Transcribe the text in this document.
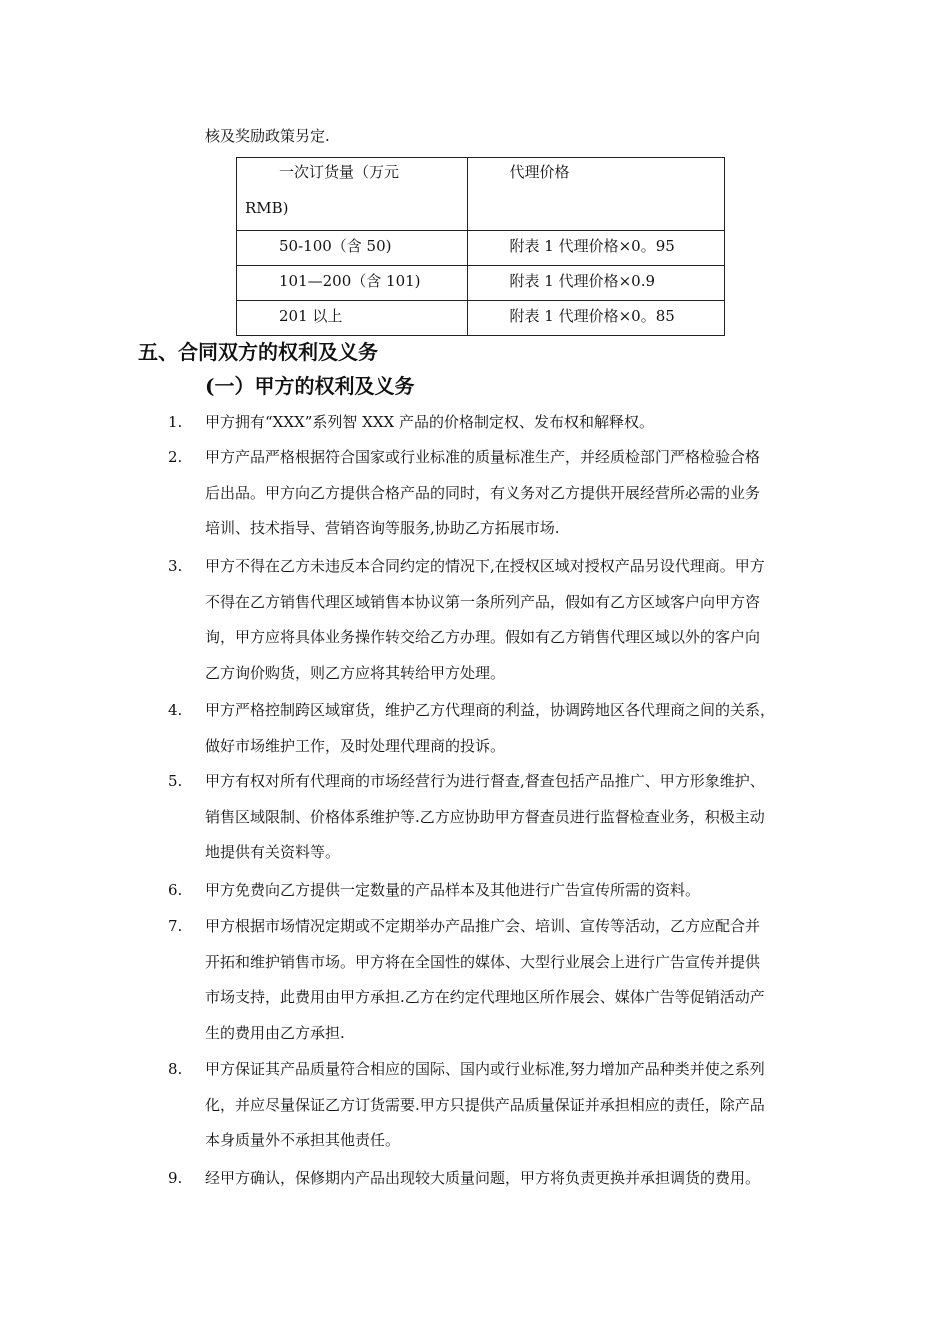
核及奖励政策另定.
一次订货量（万元
RMB)	代理价格

50-100（含 50)	附表 1 代理价格×0。95

101—200（含 101)	附表 1 代理价格×0.9

201 以上	附表 1 代理价格×0。85
五、合同双方的权利及义务
(一）甲方的权利及义务
1. 甲方拥有“XXX”系列智 XXX 产品的价格制定权、发布权和解释权。
2. 甲方产品严格根据符合国家或行业标准的质量标准生产，并经质检部门严格检验合格
后出品。甲方向乙方提供合格产品的同时，有义务对乙方提供开展经营所必需的业务
培训、技术指导、营销咨询等服务,协助乙方拓展市场.
3. 甲方不得在乙方未违反本合同约定的情况下,在授权区域对授权产品另设代理商。甲方
不得在乙方销售代理区域销售本协议第一条所列产品，假如有乙方区域客户向甲方咨
询，甲方应将具体业务操作转交给乙方办理。假如有乙方销售代理区域以外的客户向
乙方询价购货，则乙方应将其转给甲方处理。
4. 甲方严格控制跨区域窜货，维护乙方代理商的利益，协调跨地区各代理商之间的关系，
做好市场维护工作，及时处理代理商的投诉。
5. 甲方有权对所有代理商的市场经营行为进行督查,督查包括产品推广、甲方形象维护、
销售区域限制、价格体系维护等.乙方应协助甲方督查员进行监督检查业务，积极主动
地提供有关资料等。
6. 甲方免费向乙方提供一定数量的产品样本及其他进行广告宣传所需的资料。
7. 甲方根据市场情况定期或不定期举办产品推广会、培训、宣传等活动，乙方应配合并
开拓和维护销售市场。甲方将在全国性的媒体、大型行业展会上进行广告宣传并提供
市场支持，此费用由甲方承担.乙方在约定代理地区所作展会、媒体广告等促销活动产
生的费用由乙方承担.
8. 甲方保证其产品质量符合相应的国际、国内或行业标准,努力增加产品种类并使之系列
化，并应尽量保证乙方订货需要.甲方只提供产品质量保证并承担相应的责任，除产品
本身质量外不承担其他责任。
9. 经甲方确认，保修期内产品出现较大质量问题，甲方将负责更换并承担调货的费用。
